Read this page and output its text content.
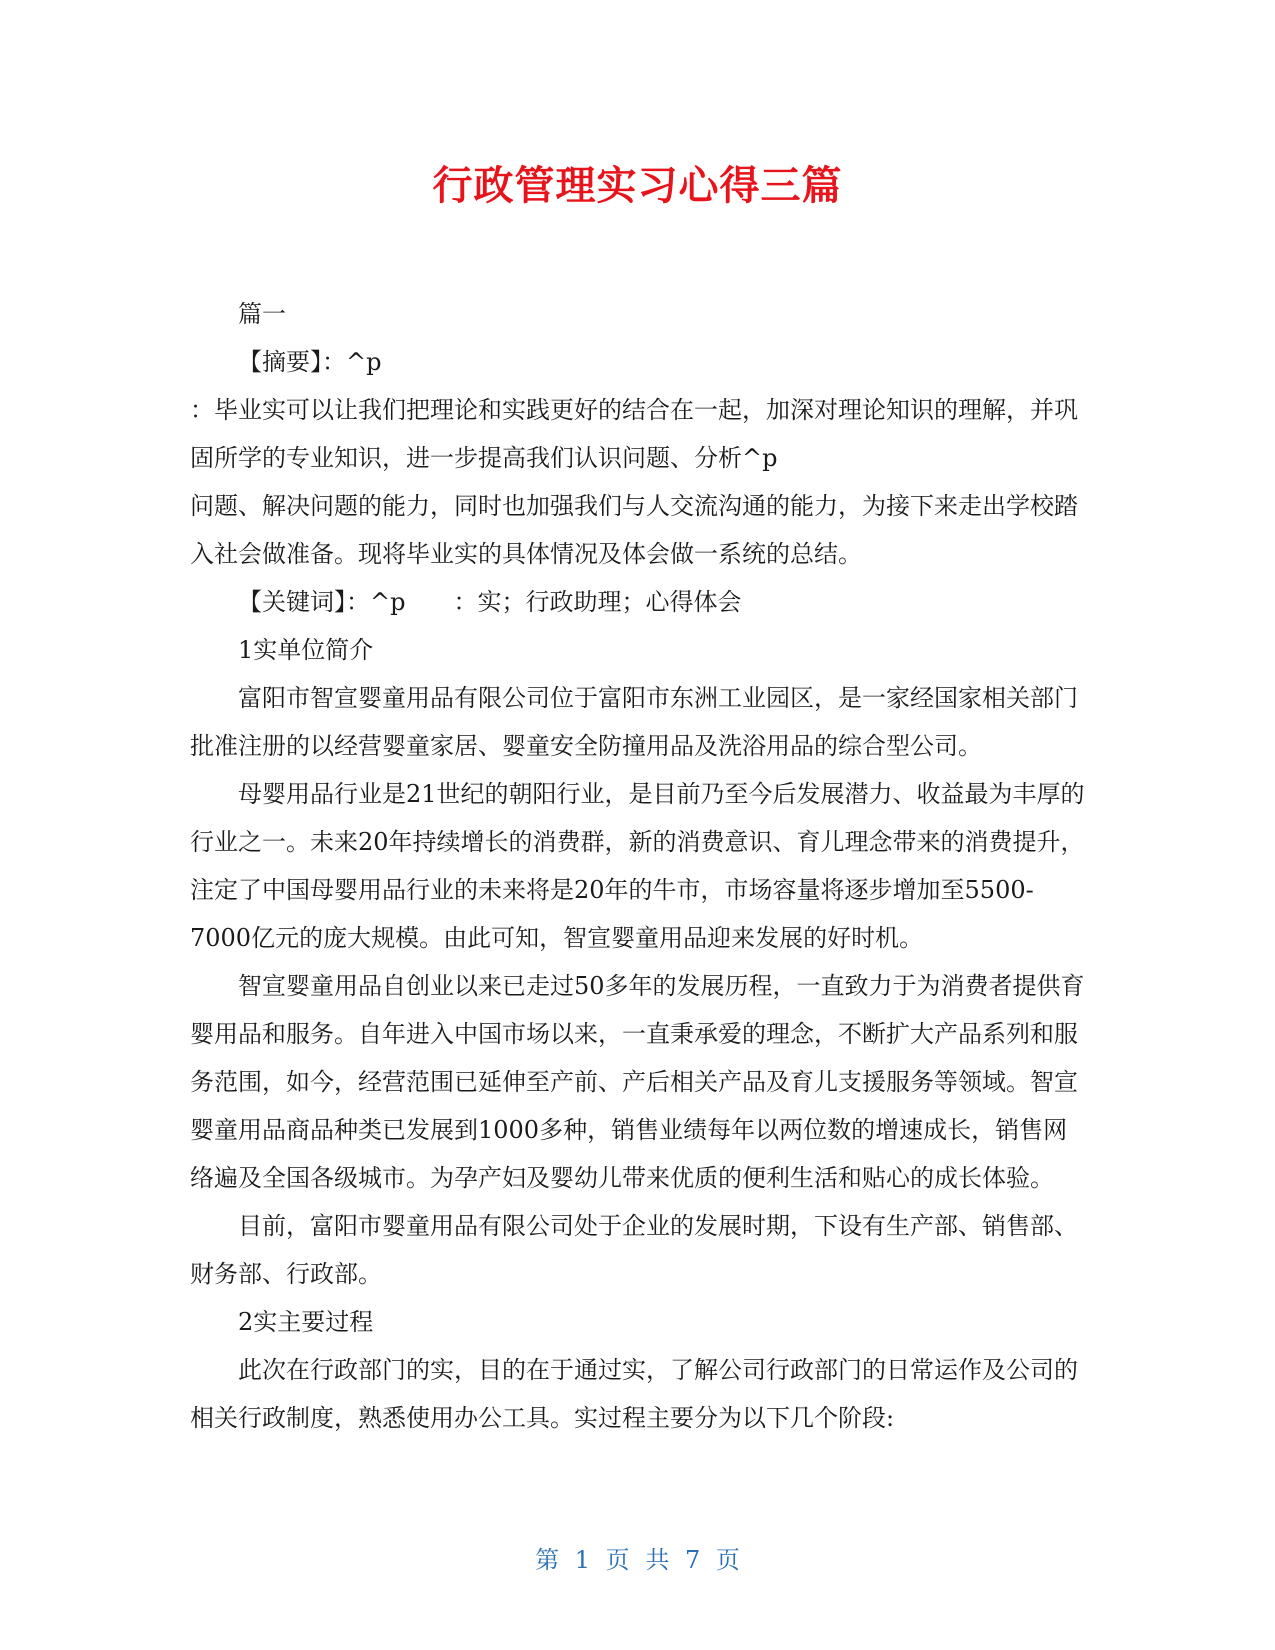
行政管理实习心得三篇

篇一

【摘要】：^p

：毕业实可以让我们把理论和实践更好的结合在一起，加深对理论知识的理解，并巩固所学的专业知识，进一步提高我们认识问题、分析^p

问题、解决问题的能力，同时也加强我们与人交流沟通的能力，为接下来走出学校踏入社会做准备。现将毕业实的具体情况及体会做一系统的总结。

【关键词】：^p　　：实；行政助理；心得体会

1实单位简介

富阳市智宣婴童用品有限公司位于富阳市东洲工业园区，是一家经国家相关部门批准注册的以经营婴童家居、婴童安全防撞用品及洗浴用品的综合型公司。

母婴用品行业是21世纪的朝阳行业，是目前乃至今后发展潜力、收益最为丰厚的行业之一。未来20年持续增长的消费群，新的消费意识、育儿理念带来的消费提升，注定了中国母婴用品行业的未来将是20年的牛市，市场容量将逐步增加至5500-7000亿元的庞大规模。由此可知，智宣婴童用品迎来发展的好时机。

智宣婴童用品自创业以来已走过50多年的发展历程，一直致力于为消费者提供育婴用品和服务。自年进入中国市场以来，一直秉承爱的理念，不断扩大产品系列和服务范围，如今，经营范围已延伸至产前、产后相关产品及育儿支援服务等领域。智宣婴童用品商品种类已发展到1000多种，销售业绩每年以两位数的增速成长，销售网络遍及全国各级城市。为孕产妇及婴幼儿带来优质的便利生活和贴心的成长体验。

目前，富阳市婴童用品有限公司处于企业的发展时期，下设有生产部、销售部、财务部、行政部。

2实主要过程

此次在行政部门的实，目的在于通过实，了解公司行政部门的日常运作及公司的相关行政制度，熟悉使用办公工具。实过程主要分为以下几个阶段:

第 1 页 共 7 页
